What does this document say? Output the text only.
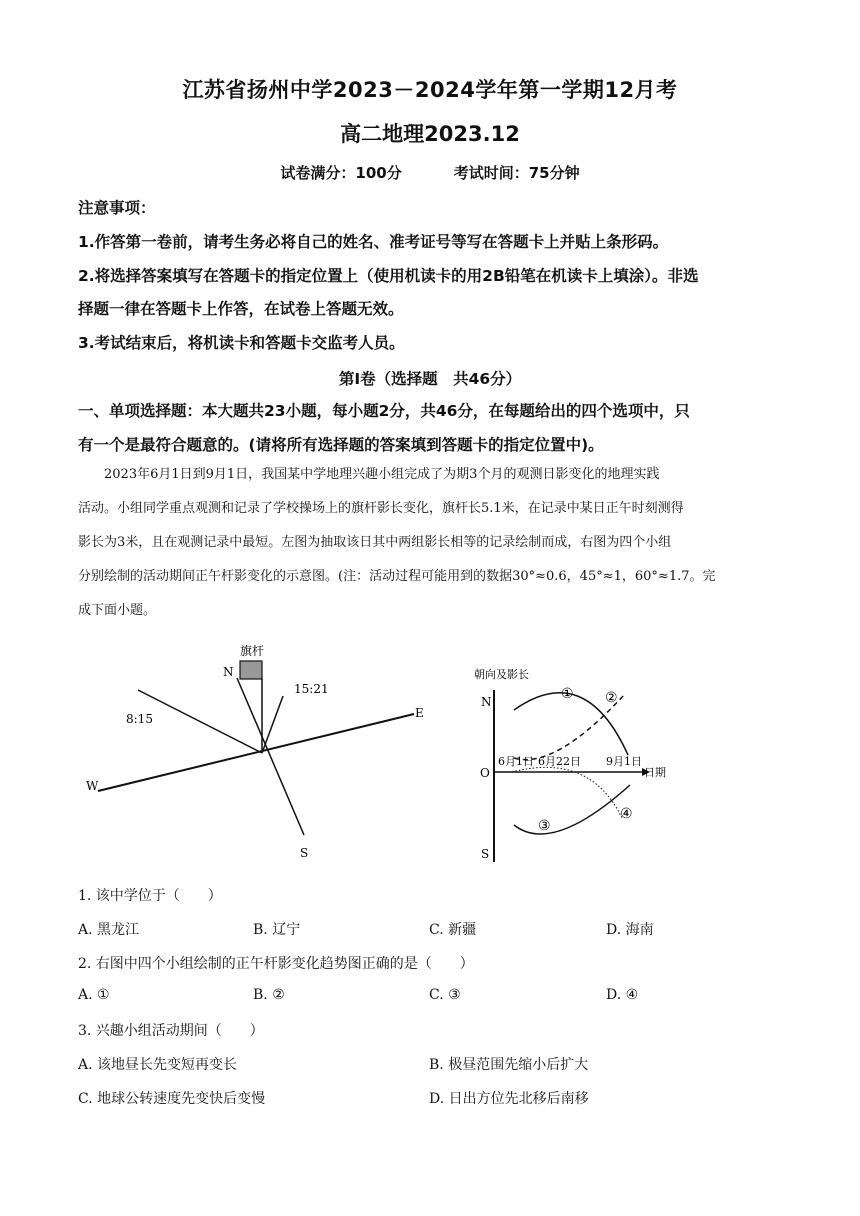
江苏省扬州中学2023－2024学年第一学期12月考
高二地理2023.12
试卷满分：100分	考试时间：75分钟
注意事项：
1.作答第一卷前，请考生务必将自己的姓名、准考证号等写在答题卡上并贴上条形码。
2.将选择答案填写在答题卡的指定位置上（使用机读卡的用2B铅笔在机读卡上填涂）。非选
择题一律在答题卡上作答，在试卷上答题无效。
3.考试结束后，将机读卡和答题卡交监考人员。
第Ⅰ卷（选择题　共46分）
一、单项选择题：本大题共23小题，每小题2分，共46分，在每题给出的四个选项中，只
有一个是最符合题意的。(请将所有选择题的答案填到答题卡的指定位置中)。
2023年6月1日到9月1日，我国某中学地理兴趣小组完成了为期3个月的观测日影变化的地理实践
活动。小组同学重点观测和记录了学校操场上的旗杆影长变化，旗杆长5.1米，在记录中某日正午时刻测得
影长为3米，且在观测记录中最短。左图为抽取该日其中两组影长相等的记录绘制而成，右图为四个小组
分别绘制的活动期间正午杆影变化的示意图。(注：活动过程可能用到的数据30°≈0.6，45°≈1，60°≈1.7。完
成下面小题。
旗杆
N
E
W
S
8:15
15:21
朝向及影长
N
O
S
6月1日 6月22日 9月1日
日期
① ②
③
④
1. 该中学位于（　　）
A. 黑龙江	B. 辽宁	C. 新疆	D. 海南
2. 右图中四个小组绘制的正午杆影变化趋势图正确的是（　　）
A. ①	B. ②	C. ③	D. ④
3. 兴趣小组活动期间（　　）
A. 该地昼长先变短再变长	B. 极昼范围先缩小后扩大
C. 地球公转速度先变快后变慢	D. 日出方位先北移后南移
